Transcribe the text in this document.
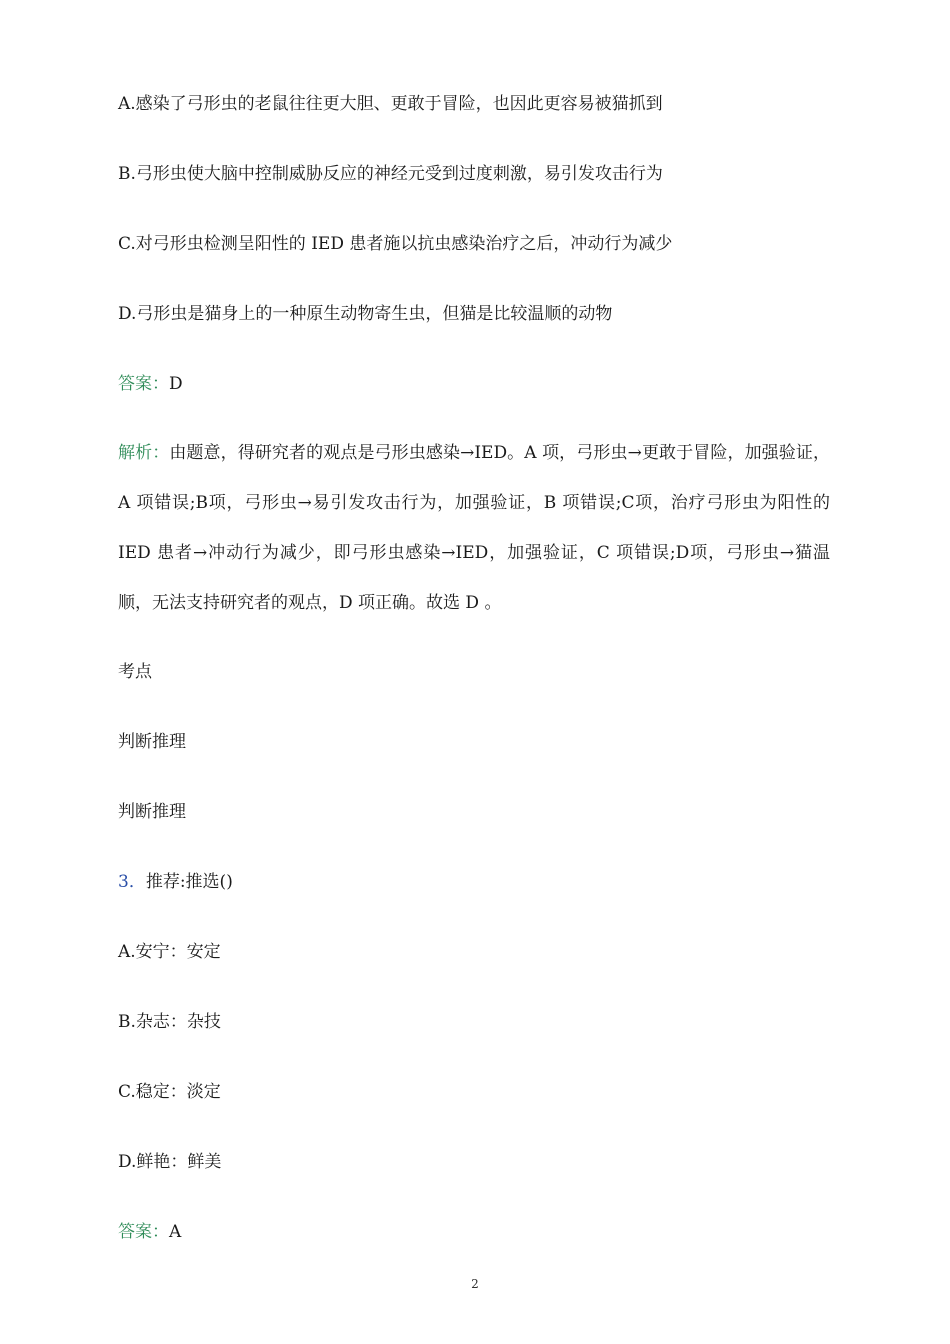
A.感染了弓形虫的老鼠往往更大胆、更敢于冒险，也因此更容易被猫抓到
B.弓形虫使大脑中控制威胁反应的神经元受到过度刺激，易引发攻击行为
C.对弓形虫检测呈阳性的 IED 患者施以抗虫感染治疗之后，冲动行为减少
D.弓形虫是猫身上的一种原生动物寄生虫，但猫是比较温顺的动物
答案：D
解析：由题意，得研究者的观点是弓形虫感染→IED。A 项，弓形虫→更敢于冒险，加强验证，A 项错误;B项，弓形虫→易引发攻击行为，加强验证，B 项错误;C项，治疗弓形虫为阳性的 IED 患者→冲动行为减少，即弓形虫感染→IED，加强验证，C 项错误;D项，弓形虫→猫温顺，无法支持研究者的观点，D 项正确。故选 D 。
考点
判断推理
判断推理
3．推荐:推选()
A.安宁：安定
B.杂志：杂技
C.稳定：淡定
D.鲜艳：鲜美
答案：A
2
